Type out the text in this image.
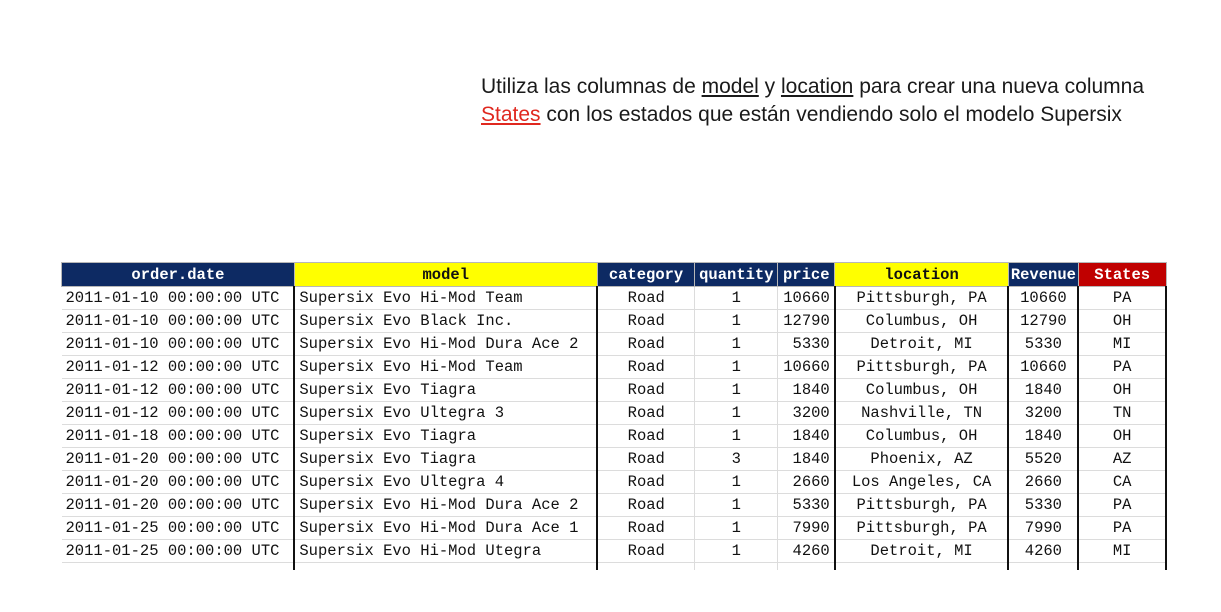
Utiliza las columnas de model y location para crear una nueva columna States con los estados que están vendiendo solo el modelo Supersix
order.date	model	category	quantity	price	location	Revenue	States
2011-01-10 00:00:00 UTC	Supersix Evo Hi-Mod Team	Road	1	10660	Pittsburgh, PA	10660	PA
2011-01-10 00:00:00 UTC	Supersix Evo Black Inc.	Road	1	12790	Columbus, OH	12790	OH
2011-01-10 00:00:00 UTC	Supersix Evo Hi-Mod Dura Ace 2	Road	1	5330	Detroit, MI	5330	MI
2011-01-12 00:00:00 UTC	Supersix Evo Hi-Mod Team	Road	1	10660	Pittsburgh, PA	10660	PA
2011-01-12 00:00:00 UTC	Supersix Evo Tiagra	Road	1	1840	Columbus, OH	1840	OH
2011-01-12 00:00:00 UTC	Supersix Evo Ultegra 3	Road	1	3200	Nashville, TN	3200	TN
2011-01-18 00:00:00 UTC	Supersix Evo Tiagra	Road	1	1840	Columbus, OH	1840	OH
2011-01-20 00:00:00 UTC	Supersix Evo Tiagra	Road	3	1840	Phoenix, AZ	5520	AZ
2011-01-20 00:00:00 UTC	Supersix Evo Ultegra 4	Road	1	2660	Los Angeles, CA	2660	CA
2011-01-20 00:00:00 UTC	Supersix Evo Hi-Mod Dura Ace 2	Road	1	5330	Pittsburgh, PA	5330	PA
2011-01-25 00:00:00 UTC	Supersix Evo Hi-Mod Dura Ace 1	Road	1	7990	Pittsburgh, PA	7990	PA
2011-01-25 00:00:00 UTC	Supersix Evo Hi-Mod Utegra	Road	1	4260	Detroit, MI	4260	MI
